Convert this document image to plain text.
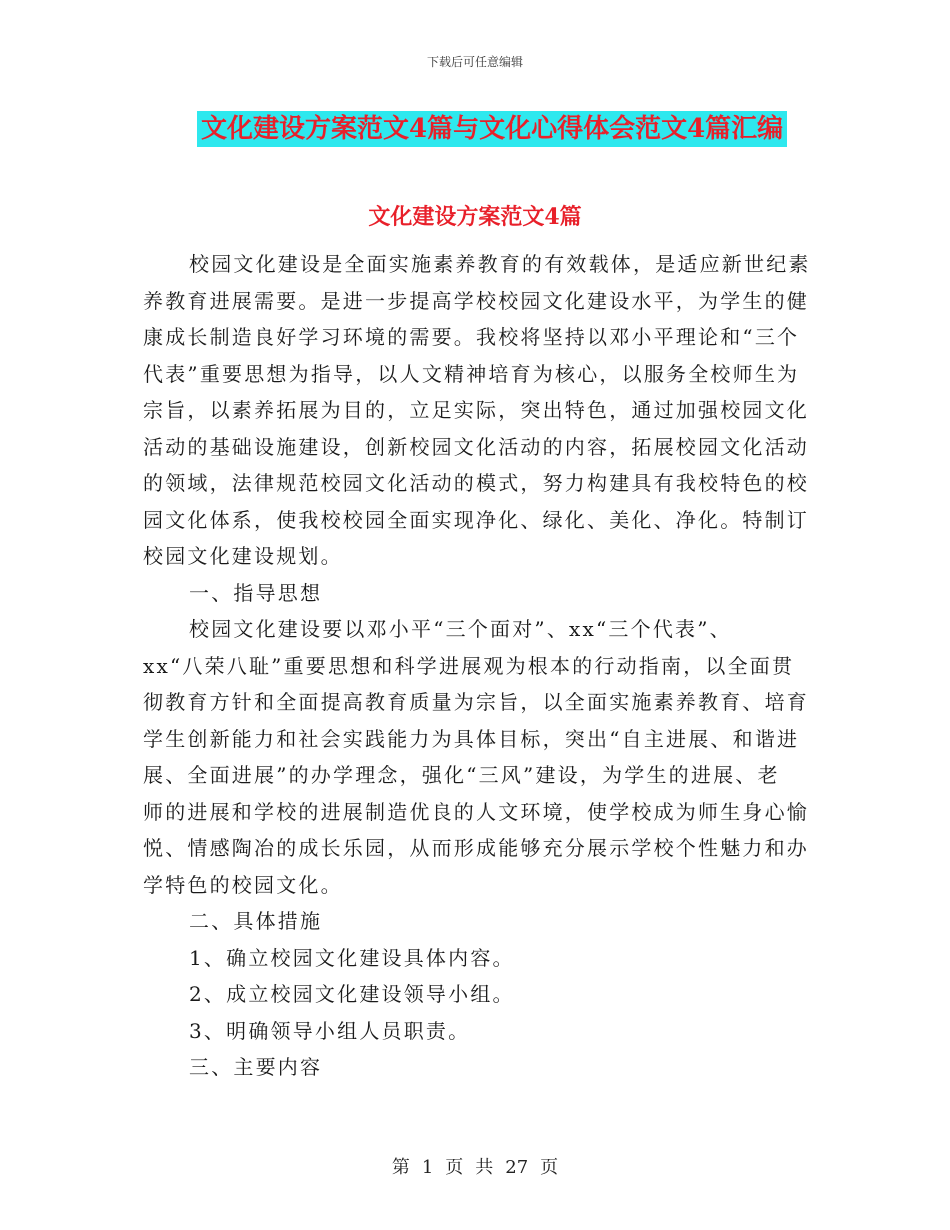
下载后可任意编辑
文化建设方案范文4篇与文化心得体会范文4篇汇编
文化建设方案范文4篇
校园文化建设是全面实施素养教育的有效载体，是适应新世纪素
养教育进展需要。是进一步提高学校校园文化建设水平，为学生的健
康成长制造良好学习环境的需要。我校将坚持以邓小平理论和“三个
代表”重要思想为指导，以人文精神培育为核心，以服务全校师生为
宗旨，以素养拓展为目的，立足实际，突出特色，通过加强校园文化
活动的基础设施建设，创新校园文化活动的内容，拓展校园文化活动
的领域，法律规范校园文化活动的模式，努力构建具有我校特色的校
园文化体系，使我校校园全面实现净化、绿化、美化、净化。特制订
校园文化建设规划。
一、指导思想
校园文化建设要以邓小平“三个面对”、xx“三个代表”、
xx“八荣八耻”重要思想和科学进展观为根本的行动指南，以全面贯
彻教育方针和全面提高教育质量为宗旨，以全面实施素养教育、培育
学生创新能力和社会实践能力为具体目标，突出“自主进展、和谐进
展、全面进展”的办学理念，强化“三风”建设，为学生的进展、老
师的进展和学校的进展制造优良的人文环境，使学校成为师生身心愉
悦、情感陶冶的成长乐园，从而形成能够充分展示学校个性魅力和办
学特色的校园文化。
二、具体措施
1、确立校园文化建设具体内容。
2、成立校园文化建设领导小组。
3、明确领导小组人员职责。
三、主要内容
第 1 页 共 27 页
